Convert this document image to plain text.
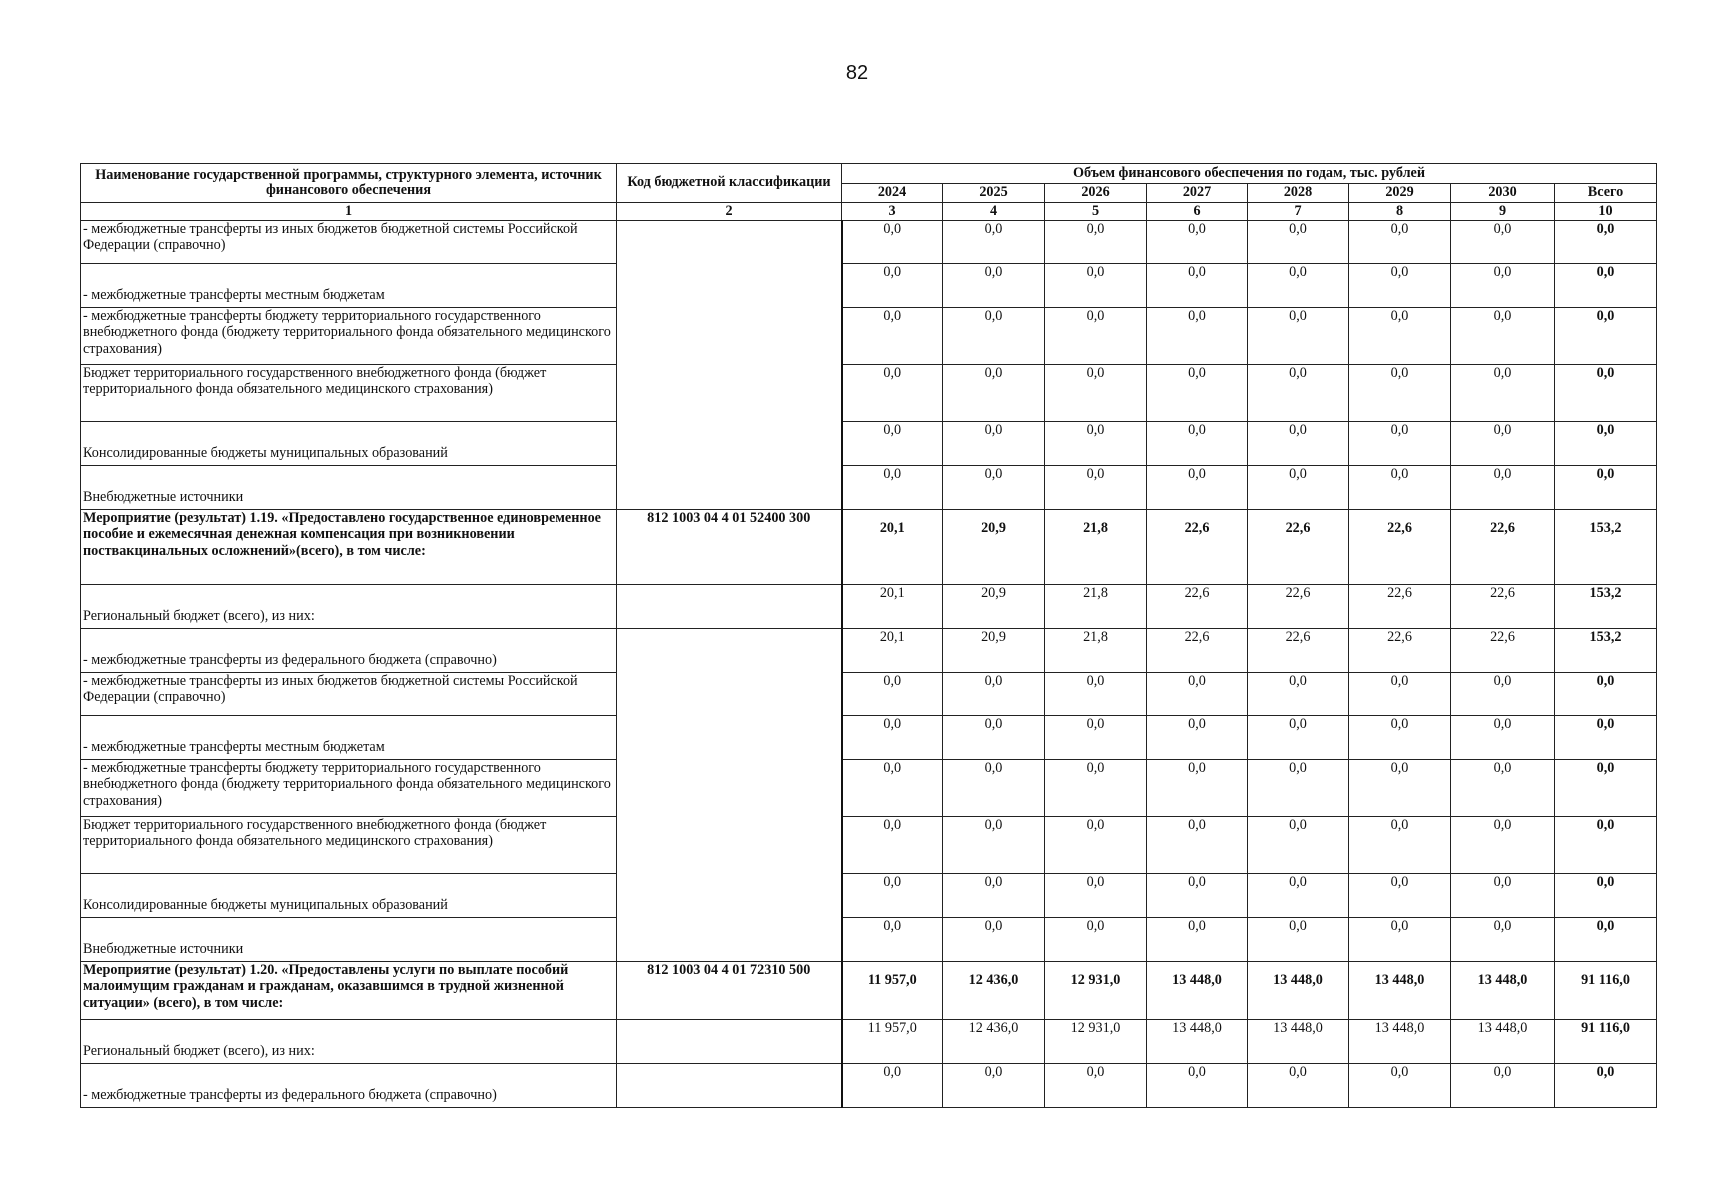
82
Наименование государственной программы, структурного элемента, источник финансового обеспечения	Код бюджетной классификации	Объем финансового обеспечения по годам, тыс. рублей							
		2024	2025	2026	2027	2028	2029	2030	Всего
1	2	3	4	5	6	7	8	9	10
- межбюджетные трансферты из иных бюджетов бюджетной системы Российской Федерации (справочно)		0,0	0,0	0,0	0,0	0,0	0,0	0,0	0,0
- межбюджетные трансферты местным бюджетам		0,0	0,0	0,0	0,0	0,0	0,0	0,0	0,0
- межбюджетные трансферты бюджету территориального государственного внебюджетного фонда (бюджету территориального фонда обязательного медицинского страхования)		0,0	0,0	0,0	0,0	0,0	0,0	0,0	0,0
Бюджет территориального государственного внебюджетного фонда (бюджет территориального фонда обязательного медицинского страхования)		0,0	0,0	0,0	0,0	0,0	0,0	0,0	0,0
Консолидированные бюджеты муниципальных образований		0,0	0,0	0,0	0,0	0,0	0,0	0,0	0,0
Внебюджетные источники		0,0	0,0	0,0	0,0	0,0	0,0	0,0	0,0
Мероприятие (результат) 1.19. «Предоставлено государственное единовременное пособие и ежемесячная денежная компенсация при возникновении поствакцинальных осложнений»(всего), в том числе:	812 1003 04 4 01 52400 300	20,1	20,9	21,8	22,6	22,6	22,6	22,6	153,2
Региональный бюджет (всего), из них:		20,1	20,9	21,8	22,6	22,6	22,6	22,6	153,2
- межбюджетные трансферты из федерального бюджета (справочно)		20,1	20,9	21,8	22,6	22,6	22,6	22,6	153,2
- межбюджетные трансферты из иных бюджетов бюджетной системы Российской Федерации (справочно)		0,0	0,0	0,0	0,0	0,0	0,0	0,0	0,0
- межбюджетные трансферты местным бюджетам		0,0	0,0	0,0	0,0	0,0	0,0	0,0	0,0
- межбюджетные трансферты бюджету территориального государственного внебюджетного фонда (бюджету территориального фонда обязательного медицинского страхования)		0,0	0,0	0,0	0,0	0,0	0,0	0,0	0,0
Бюджет территориального государственного внебюджетного фонда (бюджет территориального фонда обязательного медицинского страхования)		0,0	0,0	0,0	0,0	0,0	0,0	0,0	0,0
Консолидированные бюджеты муниципальных образований		0,0	0,0	0,0	0,0	0,0	0,0	0,0	0,0
Внебюджетные источники		0,0	0,0	0,0	0,0	0,0	0,0	0,0	0,0
Мероприятие (результат) 1.20. «Предоставлены услуги по выплате пособий малоимущим гражданам и гражданам, оказавшимся в трудной жизненной ситуации» (всего), в том числе:	812 1003 04 4 01 72310 500	11 957,0	12 436,0	12 931,0	13 448,0	13 448,0	13 448,0	13 448,0	91 116,0
Региональный бюджет (всего), из них:		11 957,0	12 436,0	12 931,0	13 448,0	13 448,0	13 448,0	13 448,0	91 116,0
- межбюджетные трансферты из федерального бюджета (справочно)		0,0	0,0	0,0	0,0	0,0	0,0	0,0	0,0
